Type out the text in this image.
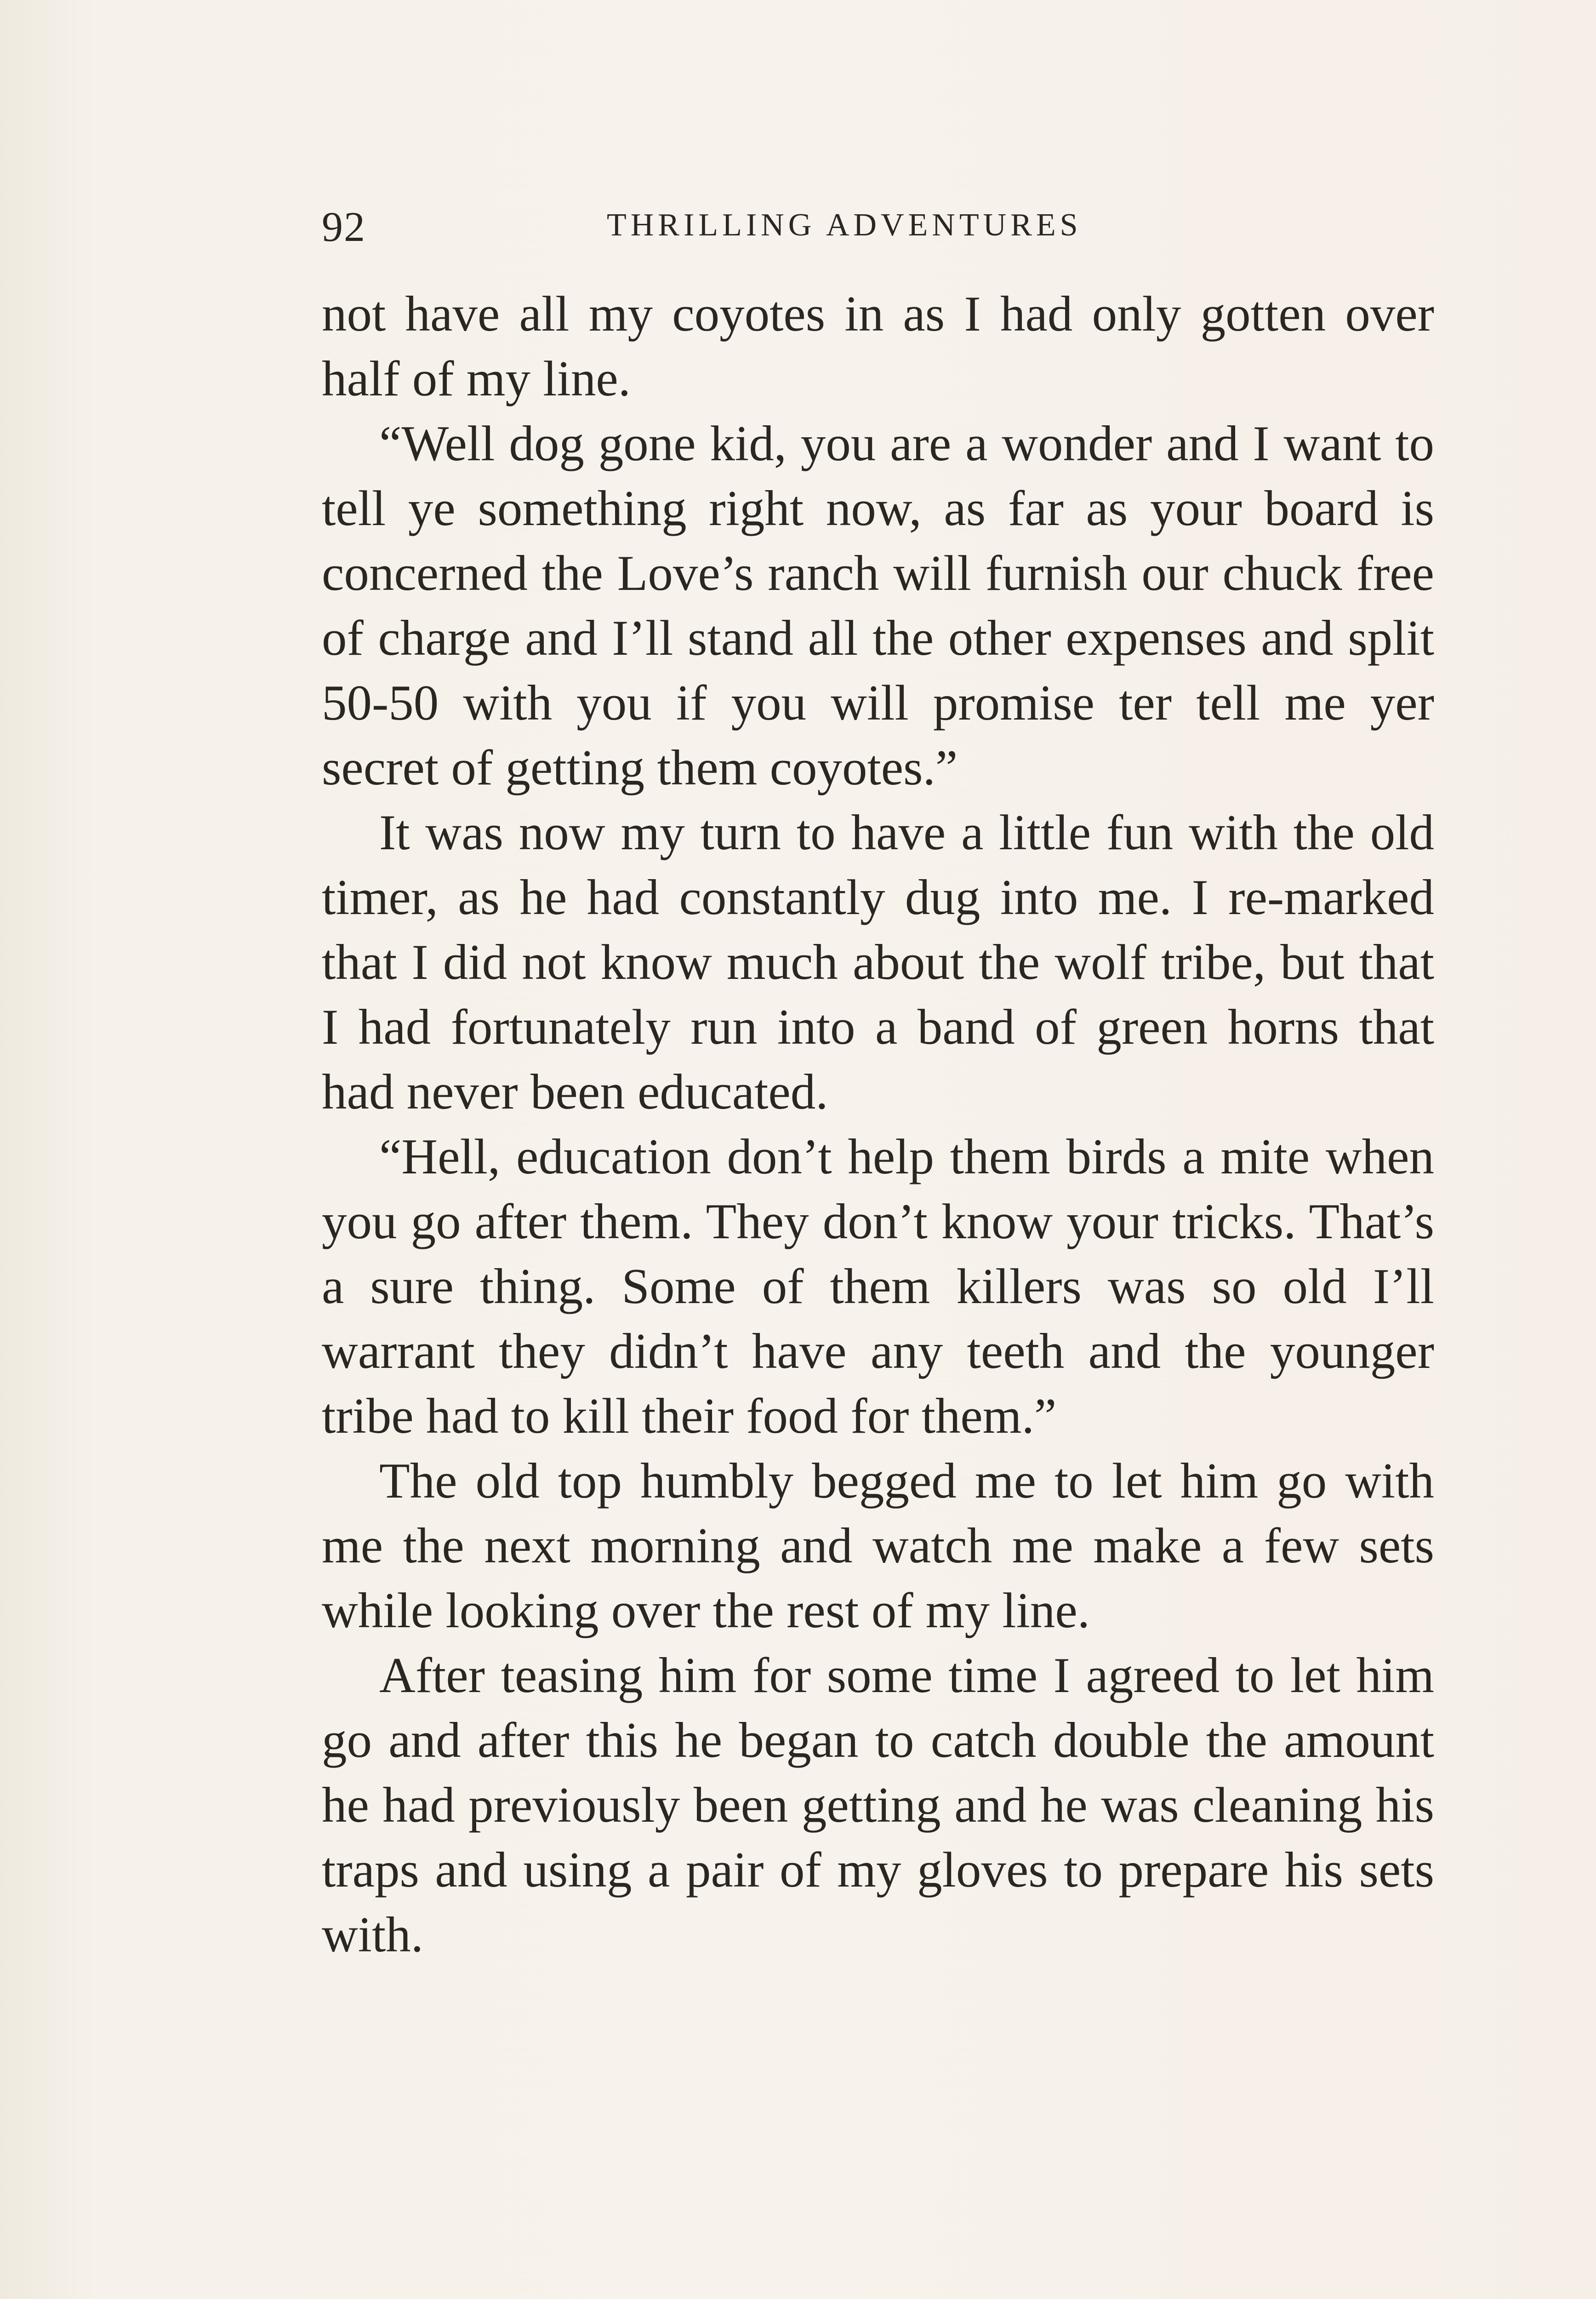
92	THRILLING ADVENTURES

not have all my coyotes in as I had only gotten over half of my line.

“Well dog gone kid, you are a wonder and I want to tell ye something right now, as far as your board is concerned the Love’s ranch will furnish our chuck free of charge and I’ll stand all the other expenses and split 50-50 with you if you will promise ter tell me yer secret of getting them coyotes.”

It was now my turn to have a little fun with the old timer, as he had constantly dug into me. I re-marked that I did not know much about the wolf tribe, but that I had fortunately run into a band of green horns that had never been educated.

“Hell, education don’t help them birds a mite when you go after them. They don’t know your tricks. That’s a sure thing. Some of them killers was so old I’ll warrant they didn’t have any teeth and the younger tribe had to kill their food for them.”

The old top humbly begged me to let him go with me the next morning and watch me make a few sets while looking over the rest of my line.

After teasing him for some time I agreed to let him go and after this he began to catch double the amount he had previously been getting and he was cleaning his traps and using a pair of my gloves to prepare his sets with.
